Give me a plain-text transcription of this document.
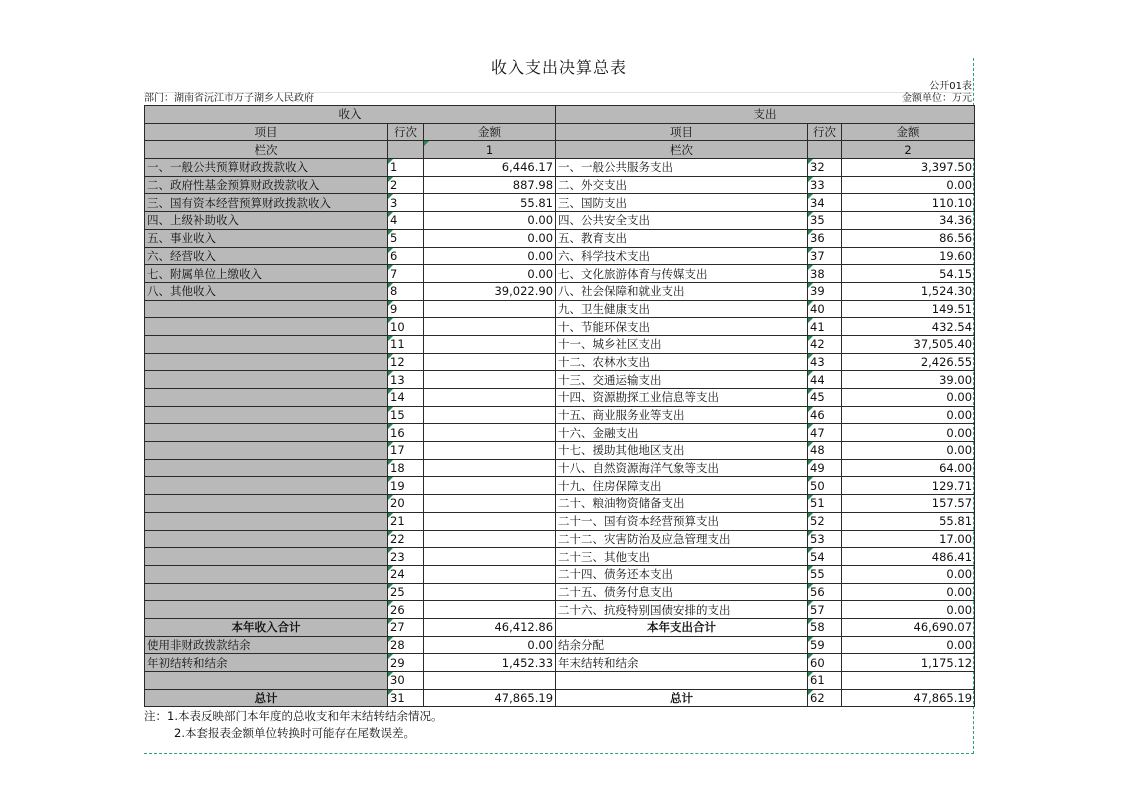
收入支出决算总表
公开01表
部门：湖南省沅江市万子湖乡人民政府	金额单位：万元
收入			支出		
项目	行次	金额	项目	行次	金额
栏次		1	栏次		2
一、一般公共预算财政拨款收入	1	6,446.17	一、一般公共服务支出	32	3,397.50
二、政府性基金预算财政拨款收入	2	887.98	二、外交支出	33	0.00
三、国有资本经营预算财政拨款收入	3	55.81	三、国防支出	34	110.10
四、上级补助收入	4	0.00	四、公共安全支出	35	34.36
五、事业收入	5	0.00	五、教育支出	36	86.56
六、经营收入	6	0.00	六、科学技术支出	37	19.60
七、附属单位上缴收入	7	0.00	七、文化旅游体育与传媒支出	38	54.15
八、其他收入	8	39,022.90	八、社会保障和就业支出	39	1,524.30
	9		九、卫生健康支出	40	149.51
	10		十、节能环保支出	41	432.54
	11		十一、城乡社区支出	42	37,505.40
	12		十二、农林水支出	43	2,426.55
	13		十三、交通运输支出	44	39.00
	14		十四、资源勘探工业信息等支出	45	0.00
	15		十五、商业服务业等支出	46	0.00
	16		十六、金融支出	47	0.00
	17		十七、援助其他地区支出	48	0.00
	18		十八、自然资源海洋气象等支出	49	64.00
	19		十九、住房保障支出	50	129.71
	20		二十、粮油物资储备支出	51	157.57
	21		二十一、国有资本经营预算支出	52	55.81
	22		二十二、灾害防治及应急管理支出	53	17.00
	23		二十三、其他支出	54	486.41
	24		二十四、债务还本支出	55	0.00
	25		二十五、债务付息支出	56	0.00
	26		二十六、抗疫特别国债安排的支出	57	0.00
本年收入合计	27	46,412.86	本年支出合计	58	46,690.07
使用非财政拨款结余	28	0.00	结余分配	59	0.00
年初结转和结余	29	1,452.33	年末结转和结余	60	1,175.12
	30			61	
总计	31	47,865.19	总计	62	47,865.19
注：1.本表反映部门本年度的总收支和年末结转结余情况。
2.本套报表金额单位转换时可能存在尾数误差。
